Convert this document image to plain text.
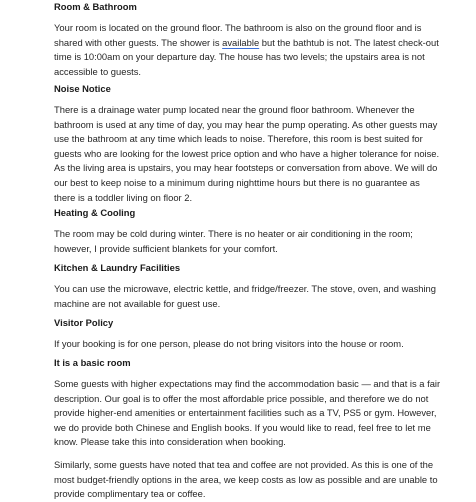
Room & Bathroom
Your room is located on the ground floor. The bathroom is also on the ground floor and is shared with other guests. The shower is available but the bathtub is not. The latest check-out time is 10:00am on your departure day. The house has two levels; the upstairs area is not accessible to guests.
Noise Notice
There is a drainage water pump located near the ground floor bathroom. Whenever the bathroom is used at any time of day, you may hear the pump operating. As other guests may use the bathroom at any time which leads to noise. Therefore, this room is best suited for guests who are looking for the lowest price option and who have a higher tolerance for noise. As the living area is upstairs, you may hear footsteps or conversation from above. We will do our best to keep noise to a minimum during nighttime hours but there is no guarantee as there is a toddler living on floor 2.
Heating & Cooling
The room may be cold during winter. There is no heater or air conditioning in the room; however, I provide sufficient blankets for your comfort.
Kitchen & Laundry Facilities
You can use the microwave, electric kettle, and fridge/freezer. The stove, oven, and washing machine are not available for guest use.
Visitor Policy
If your booking is for one person, please do not bring visitors into the house or room.
It is a basic room
Some guests with higher expectations may find the accommodation basic — and that is a fair description. Our goal is to offer the most affordable price possible, and therefore we do not provide higher-end amenities or entertainment facilities such as a TV, PS5 or gym. However, we do provide both Chinese and English books. If you would like to read, feel free to let me know. Please take this into consideration when booking.
Similarly, some guests have noted that tea and coffee are not provided. As this is one of the most budget-friendly options in the area, we keep costs as low as possible and are unable to provide complimentary tea or coffee.
